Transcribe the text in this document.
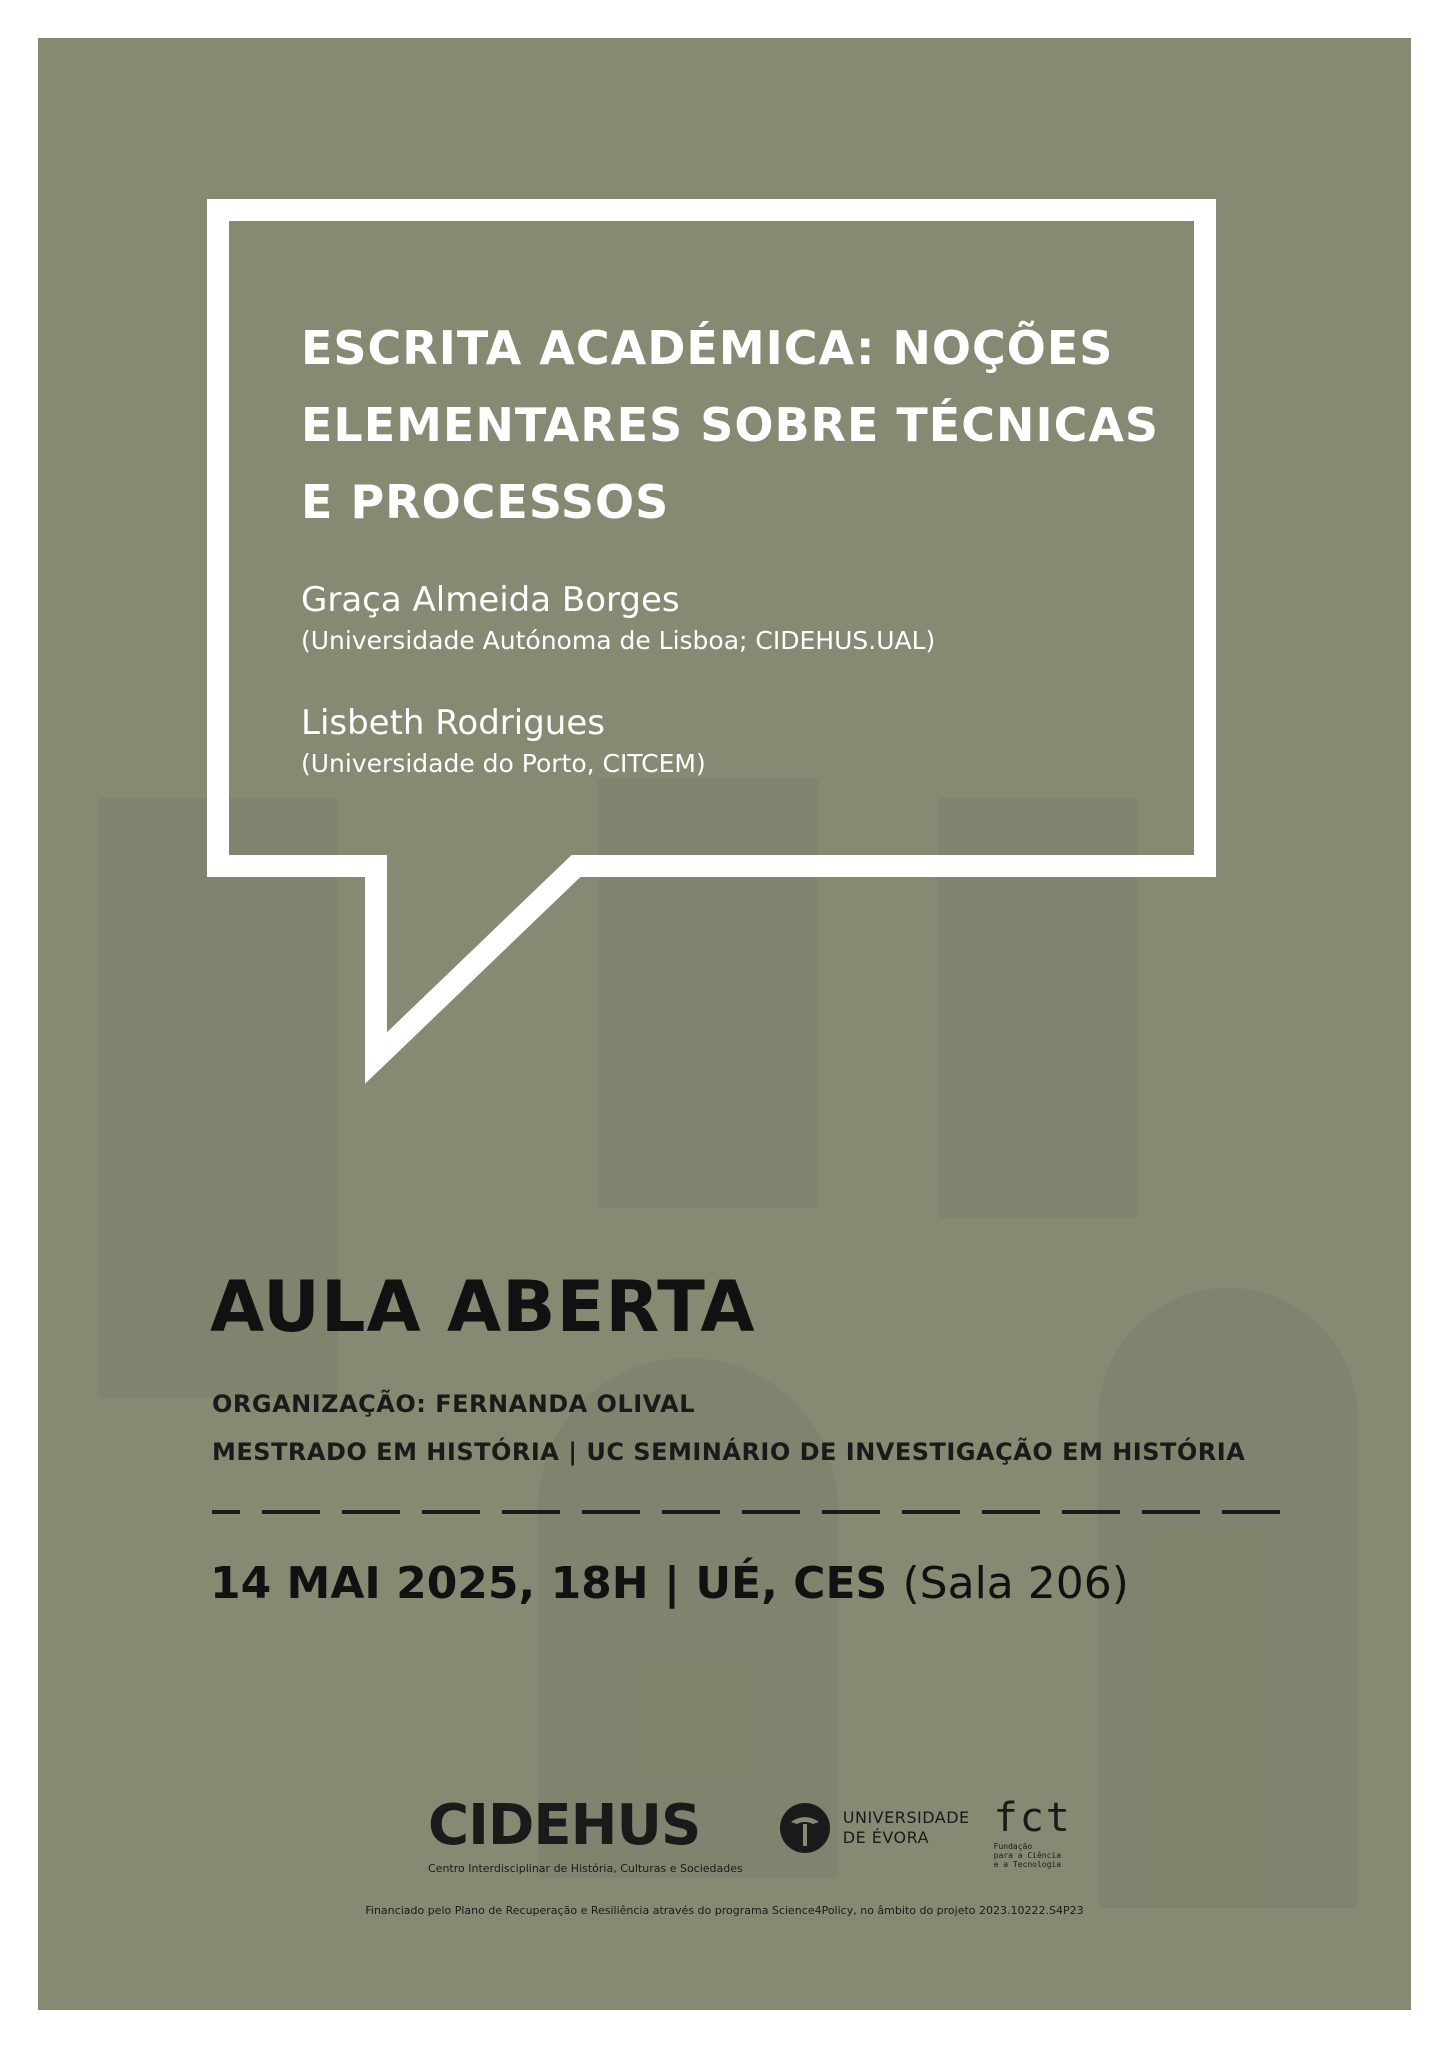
ESCRITA ACADÉMICA: NOÇÕES
ELEMENTARES SOBRE TÉCNICAS
E PROCESSOS
Graça Almeida Borges
(Universidade Autónoma de Lisboa; CIDEHUS.UAL)
Lisbeth Rodrigues
(Universidade do Porto, CITCEM)
AULA ABERTA
ORGANIZAÇÃO: FERNANDA OLIVAL
MESTRADO EM HISTÓRIA | UC SEMINÁRIO DE INVESTIGAÇÃO EM HISTÓRIA
14 MAI 2025, 18H | UÉ, CES (Sala 206)
CIDEHUS
Centro Interdisciplinar de História, Culturas e Sociedades
UNIVERSIDADE
DE ÉVORA	fct
Fundação
para a Ciência
e a Tecnologia
Financiado pelo Plano de Recuperação e Resiliência através do programa Science4Policy, no âmbito do projeto 2023.10222.S4P23
